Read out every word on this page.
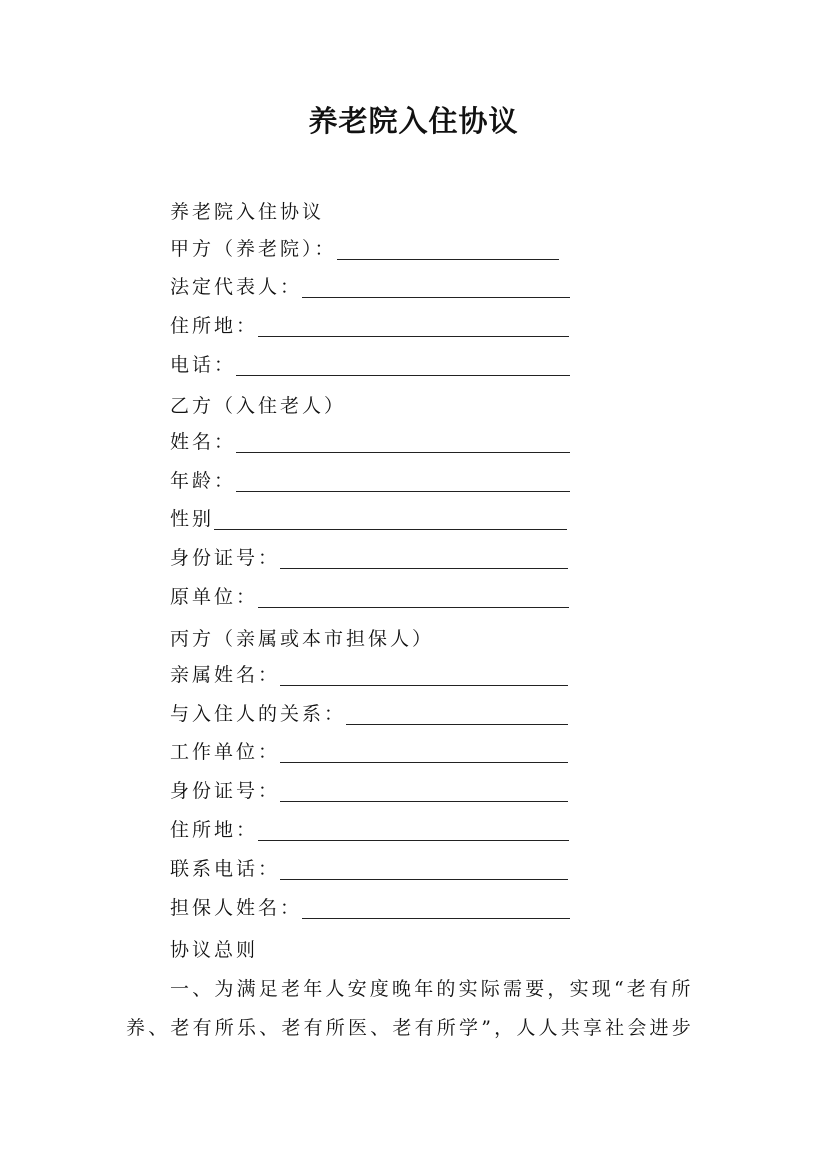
养老院入住协议
养老院入住协议
甲方（养老院）：
法定代表人：
住所地：
电话：
乙方（入住老人）
姓名：
年龄：
性别
身份证号：
原单位：
丙方（亲属或本市担保人）
亲属姓名：
与入住人的关系：
工作单位：
身份证号：
住所地：
联系电话：
担保人姓名：
协议总则
一、为满足老年人安度晚年的实际需要，实现“老有所
养、老有所乐、老有所医、老有所学”，人人共享社会进步
